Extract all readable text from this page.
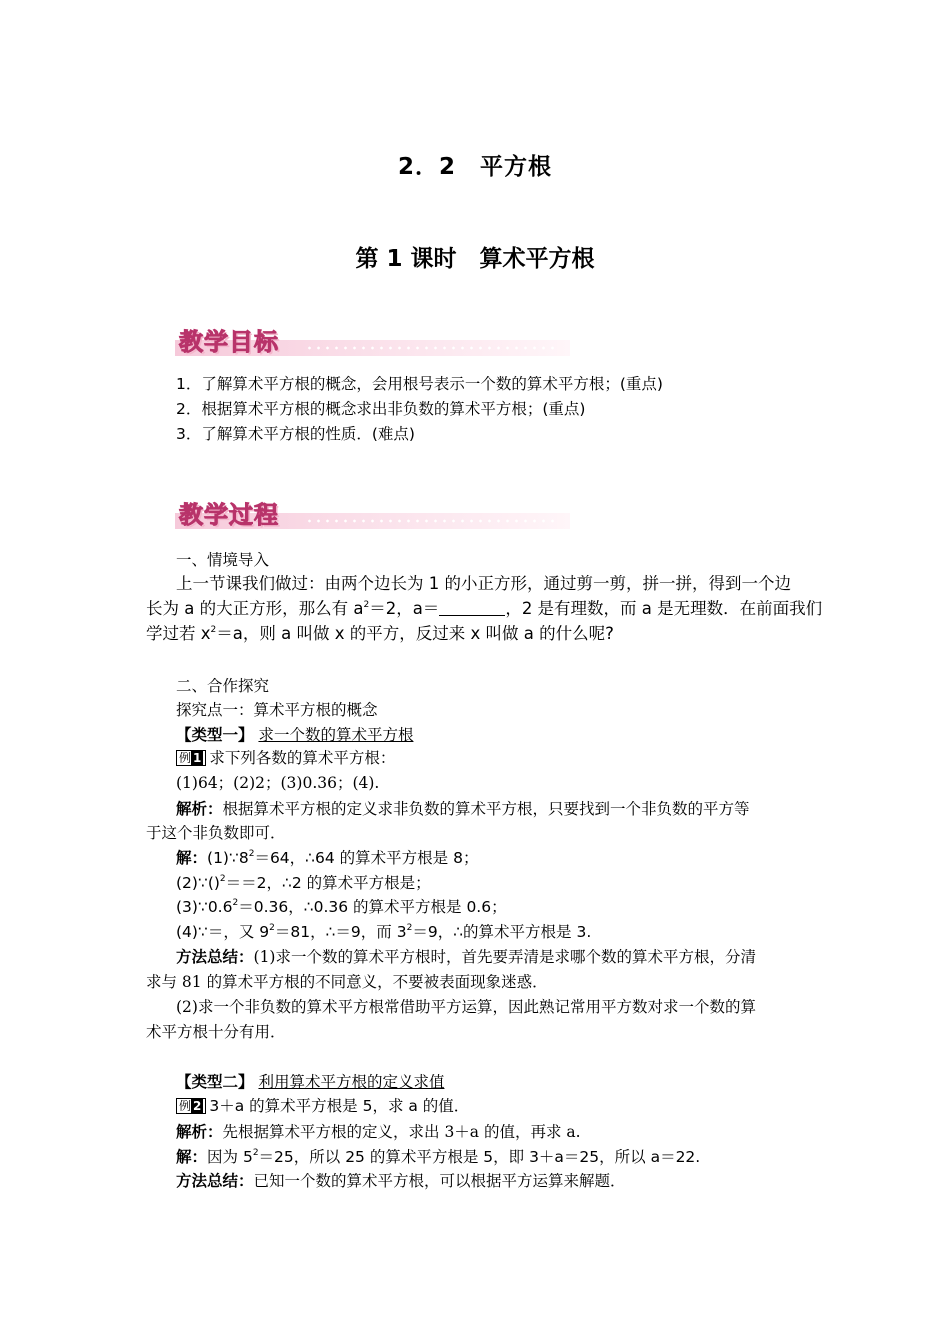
2．2　平方根
第 1 课时　算术平方根
教学目标
1．了解算术平方根的概念，会用根号表示一个数的算术平方根；(重点)
2．根据算术平方根的概念求出非负数的算术平方根；(重点)
3．了解算术平方根的性质．(难点)
教学过程
一、情境导入
上一节课我们做过：由两个边长为 1 的小正方形，通过剪一剪，拼一拼，得到一个边
长为 a 的大正方形，那么有 $a^2=2$，a＝	，2 是有理数，而 a 是无理数．在前面我们
学过若 $x^2=a$，则 a 叫做 x 的平方，反过来 x 叫做 a 的什么呢?
二、合作探究
探究点一：算术平方根的概念
【类型一】 求一个数的算术平方根
例 1 求下列各数的算术平方根：
(1)64；(2)2；(3)0.36；(4).
解析：根据算术平方根的定义求非负数的算术平方根，只要找到一个非负数的平方等
于这个非负数即可．
解：$(1)\because 8^2=64$，∴64 的算术平方根是 8；
(2)∵()$^2$＝＝2，∴2 的算术平方根是；
$(3)\because 0.6^2=0.36$，∴0.36 的算术平方根是 0.6；
(4)∵＝，又 $9^2=81$，∴＝9，而 $3^2=9$，∴的算术平方根是 3.
方法总结：(1)求一个数的算术平方根时，首先要弄清是求哪个数的算术平方根，分清
求与 81 的算术平方根的不同意义，不要被表面现象迷惑．
(2)求一个非负数的算术平方根常借助平方运算，因此熟记常用平方数对求一个数的算
术平方根十分有用．
【类型二】 利用算术平方根的定义求值
例 2 3＋a 的算术平方根是 5，求 a 的值．
解析：先根据算术平方根的定义，求出 3＋a 的值，再求 a.
解：因为 $5^2=25$，所以 25 的算术平方根是 5，即 3＋a＝25，所以 a＝22.
方法总结：已知一个数的算术平方根，可以根据平方运算来解题．
